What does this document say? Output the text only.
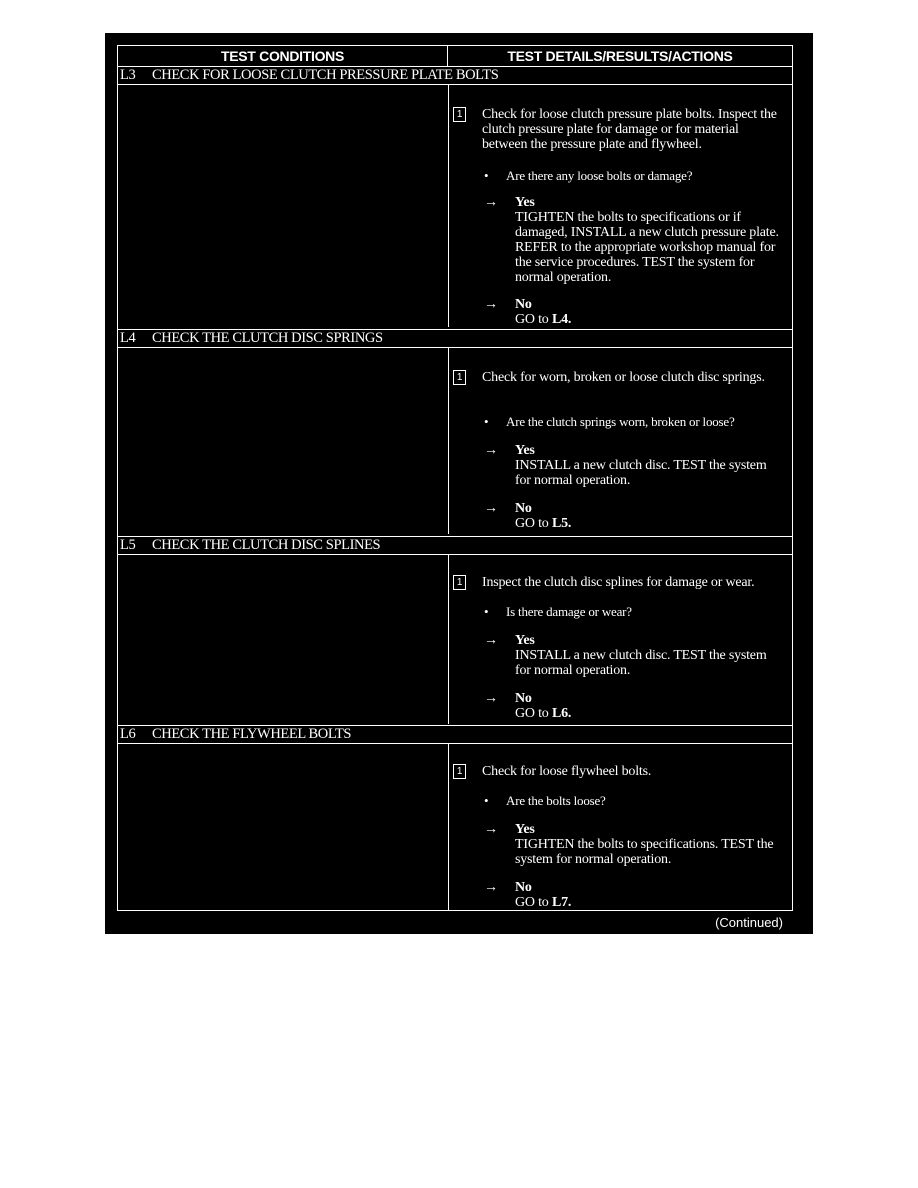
TEST CONDITIONS	TEST DETAILS/RESULTS/ACTIONS
L3 CHECK FOR LOOSE CLUTCH PRESSURE PLATE BOLTS
1 Check for loose clutch pressure plate bolts. Inspect the clutch pressure plate for damage or for material between the pressure plate and flywheel.
• Are there any loose bolts or damage?
→ Yes
TIGHTEN the bolts to specifications or if damaged, INSTALL a new clutch pressure plate. REFER to the appropriate workshop manual for the service procedures. TEST the system for normal operation.
→ No
GO to L4.
L4 CHECK THE CLUTCH DISC SPRINGS
1 Check for worn, broken or loose clutch disc springs.
• Are the clutch springs worn, broken or loose?
→ Yes
INSTALL a new clutch disc. TEST the system for normal operation.
→ No
GO to L5.
L5 CHECK THE CLUTCH DISC SPLINES
1 Inspect the clutch disc splines for damage or wear.
• Is there damage or wear?
→ Yes
INSTALL a new clutch disc. TEST the system for normal operation.
→ No
GO to L6.
L6 CHECK THE FLYWHEEL BOLTS
1 Check for loose flywheel bolts.
• Are the bolts loose?
→ Yes
TIGHTEN the bolts to specifications. TEST the system for normal operation.
→ No
GO to L7.
(Continued)
